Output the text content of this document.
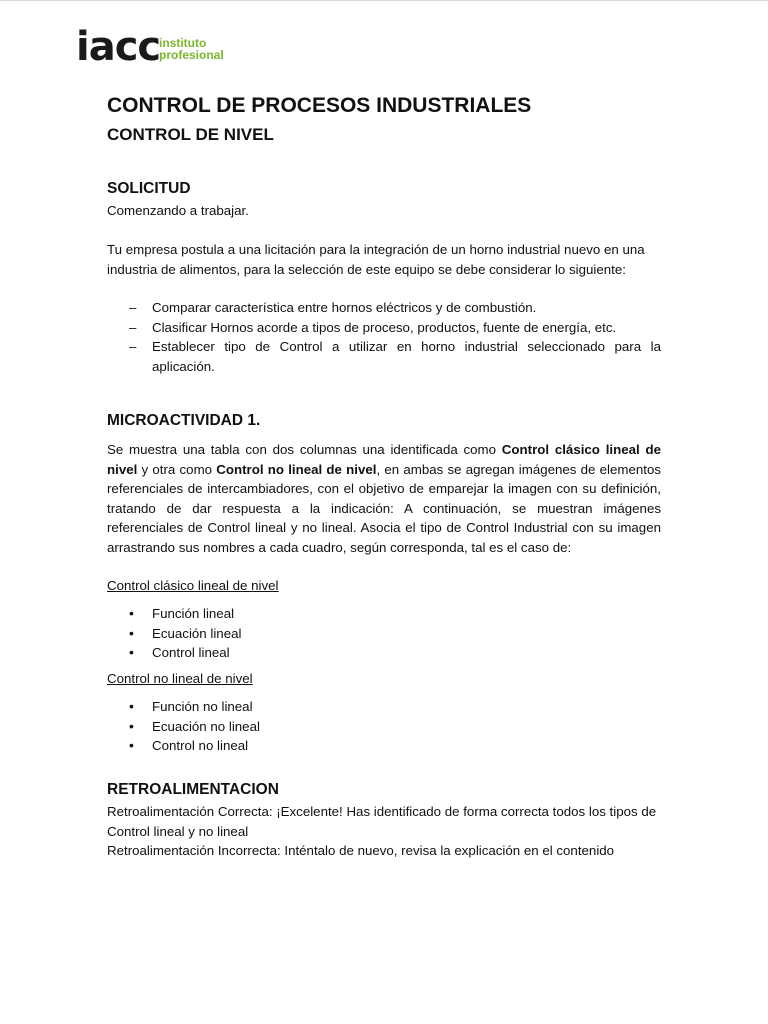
iacc
instituto
profesional
CONTROL DE PROCESOS INDUSTRIALES
CONTROL DE NIVEL
SOLICITUD
Comenzando a trabajar.
Tu empresa postula a una licitación para la integración de un horno industrial nuevo en una industria de alimentos, para la selección de este equipo se debe considerar lo siguiente:
– Comparar característica entre hornos eléctricos y de combustión.
– Clasificar Hornos acorde a tipos de proceso, productos, fuente de energía, etc.
– Establecer tipo de Control a utilizar en horno industrial seleccionado para la aplicación.
MICROACTIVIDAD 1.
Se muestra una tabla con dos columnas una identificada como Control clásico lineal de nivel y otra como Control no lineal de nivel, en ambas se agregan imágenes de elementos referenciales de intercambiadores, con el objetivo de emparejar la imagen con su definición, tratando de dar respuesta a la indicación: A continuación, se muestran imágenes referenciales de Control lineal y no lineal. Asocia el tipo de Control Industrial con su imagen arrastrando sus nombres a cada cuadro, según corresponda, tal es el caso de:
Control clásico lineal de nivel
• Función lineal
• Ecuación lineal
• Control lineal
Control no lineal de nivel
• Función no lineal
• Ecuación no lineal
• Control no lineal
RETROALIMENTACION
Retroalimentación Correcta: ¡Excelente! Has identificado de forma correcta todos los tipos de Control lineal y no lineal
Retroalimentación Incorrecta: Inténtalo de nuevo, revisa la explicación en el contenido
